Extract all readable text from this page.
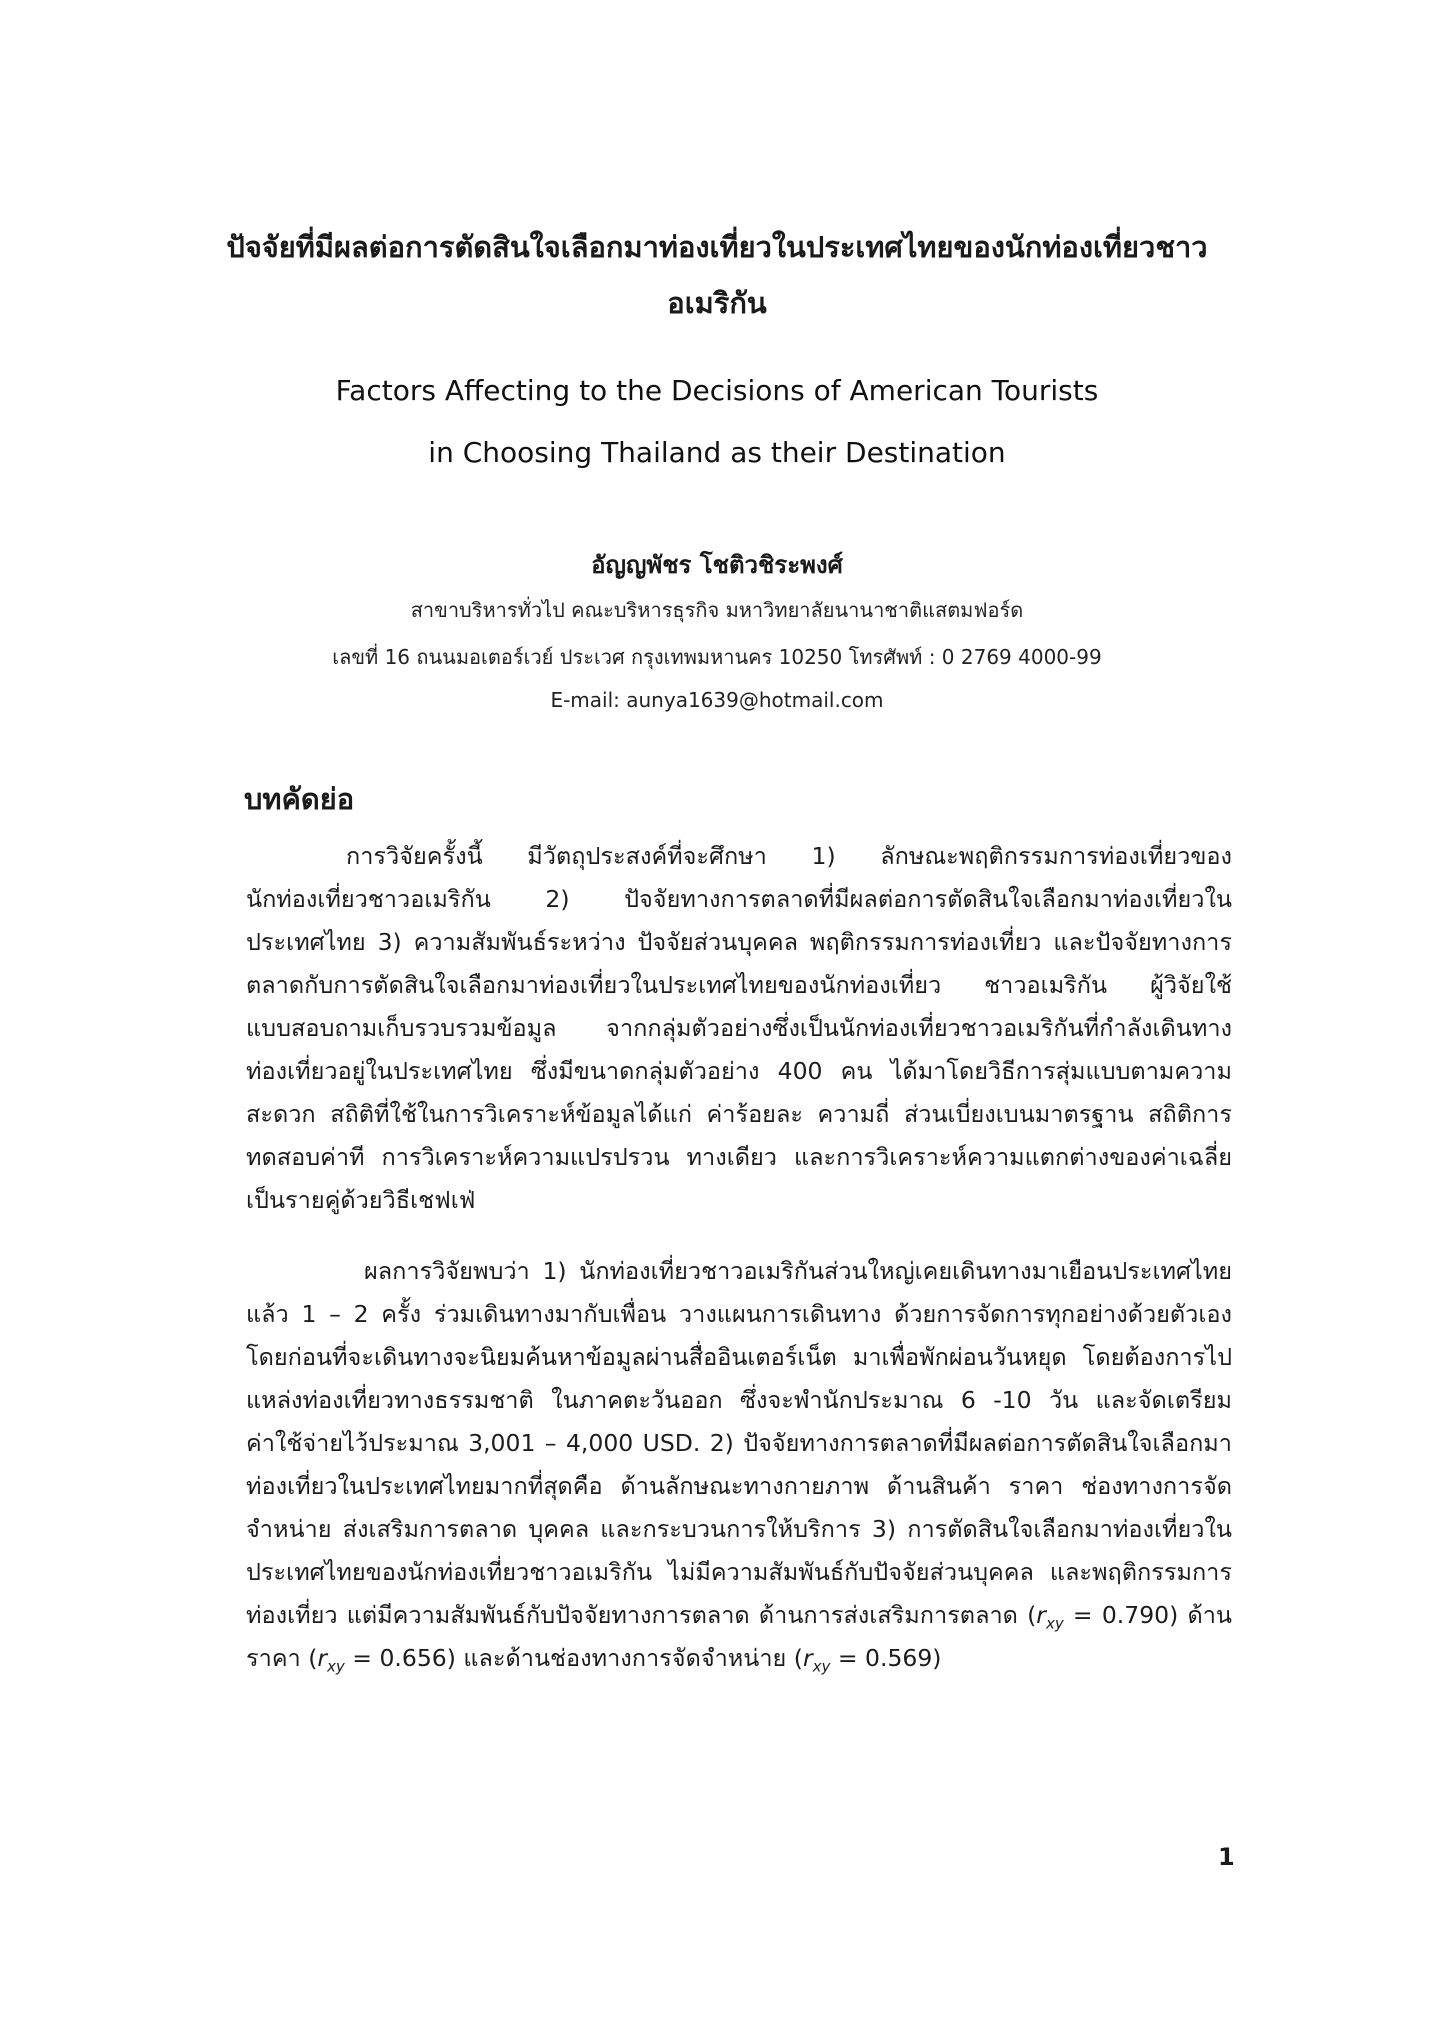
ปัจจัยที่มีผลต่อการตัดสินใจเลือกมาท่องเที่ยวในประเทศไทยของนักท่องเที่ยวชาว
อเมริกัน
Factors Affecting to the Decisions of American Tourists
in Choosing Thailand as their Destination
อัญญพัชร โชติวชิระพงศ์
สาขาบริหารทั่วไป คณะบริหารธุรกิจ มหาวิทยาลัยนานาชาติแสตมฟอร์ด
เลขที่ 16 ถนนมอเตอร์เวย์ ประเวศ กรุงเทพมหานคร 10250 โทรศัพท์ : 0 2769 4000-99
E-mail: aunya1639@hotmail.com
บทคัดย่อ
การวิจัยครั้งนี้ มีวัตถุประสงค์ที่จะศึกษา 1) ลักษณะพฤติกรรมการท่องเที่ยวของ
นักท่องเที่ยวชาวอเมริกัน 2) ปัจจัยทางการตลาดที่มีผลต่อการตัดสินใจเลือกมาท่องเที่ยวใน
ประเทศไทย 3) ความสัมพันธ์ระหว่าง ปัจจัยส่วนบุคคล พฤติกรรมการท่องเที่ยว และปัจจัยทางการ
ตลาดกับการตัดสินใจเลือกมาท่องเที่ยวในประเทศไทยของนักท่องเที่ยว ชาวอเมริกัน ผู้วิจัยใช้
แบบสอบถามเก็บรวบรวมข้อมูล จากกลุ่มตัวอย่างซึ่งเป็นนักท่องเที่ยวชาวอเมริกันที่กำลังเดินทาง
ท่องเที่ยวอยู่ในประเทศไทย ซึ่งมีขนาดกลุ่มตัวอย่าง 400 คน ได้มาโดยวิธีการสุ่มแบบตามความ
สะดวก สถิติที่ใช้ในการวิเคราะห์ข้อมูลได้แก่ ค่าร้อยละ ความถี่ ส่วนเบี่ยงเบนมาตรฐาน สถิติการ
ทดสอบค่าที การวิเคราะห์ความแปรปรวน ทางเดียว และการวิเคราะห์ความแตกต่างของค่าเฉลี่ย
เป็นรายคู่ด้วยวิธีเชฟเฟ่
ผลการวิจัยพบว่า 1) นักท่องเที่ยวชาวอเมริกันส่วนใหญ่เคยเดินทางมาเยือนประเทศไทย
แล้ว 1 – 2 ครั้ง ร่วมเดินทางมากับเพื่อน วางแผนการเดินทาง ด้วยการจัดการทุกอย่างด้วยตัวเอง
โดยก่อนที่จะเดินทางจะนิยมค้นหาข้อมูลผ่านสื่ออินเตอร์เน็ต มาเพื่อพักผ่อนวันหยุด โดยต้องการไป
แหล่งท่องเที่ยวทางธรรมชาติ ในภาคตะวันออก ซึ่งจะพำนักประมาณ 6 -10 วัน และจัดเตรียม
ค่าใช้จ่ายไว้ประมาณ 3,001 – 4,000 USD. 2) ปัจจัยทางการตลาดที่มีผลต่อการตัดสินใจเลือกมา
ท่องเที่ยวในประเทศไทยมากที่สุดคือ ด้านลักษณะทางกายภาพ ด้านสินค้า ราคา ช่องทางการจัด
จำหน่าย ส่งเสริมการตลาด บุคคล และกระบวนการให้บริการ 3) การตัดสินใจเลือกมาท่องเที่ยวใน
ประเทศไทยของนักท่องเที่ยวชาวอเมริกัน ไม่มีความสัมพันธ์กับปัจจัยส่วนบุคคล และพฤติกรรมการ
ท่องเที่ยว แต่มีความสัมพันธ์กับปัจจัยทางการตลาด ด้านการส่งเสริมการตลาด $(r_{xy} = 0.790)$ ด้าน
ราคา $(r_{xy} = 0.656)$ และด้านช่องทางการจัดจำหน่าย $(r_{xy} = 0.569)$
1
